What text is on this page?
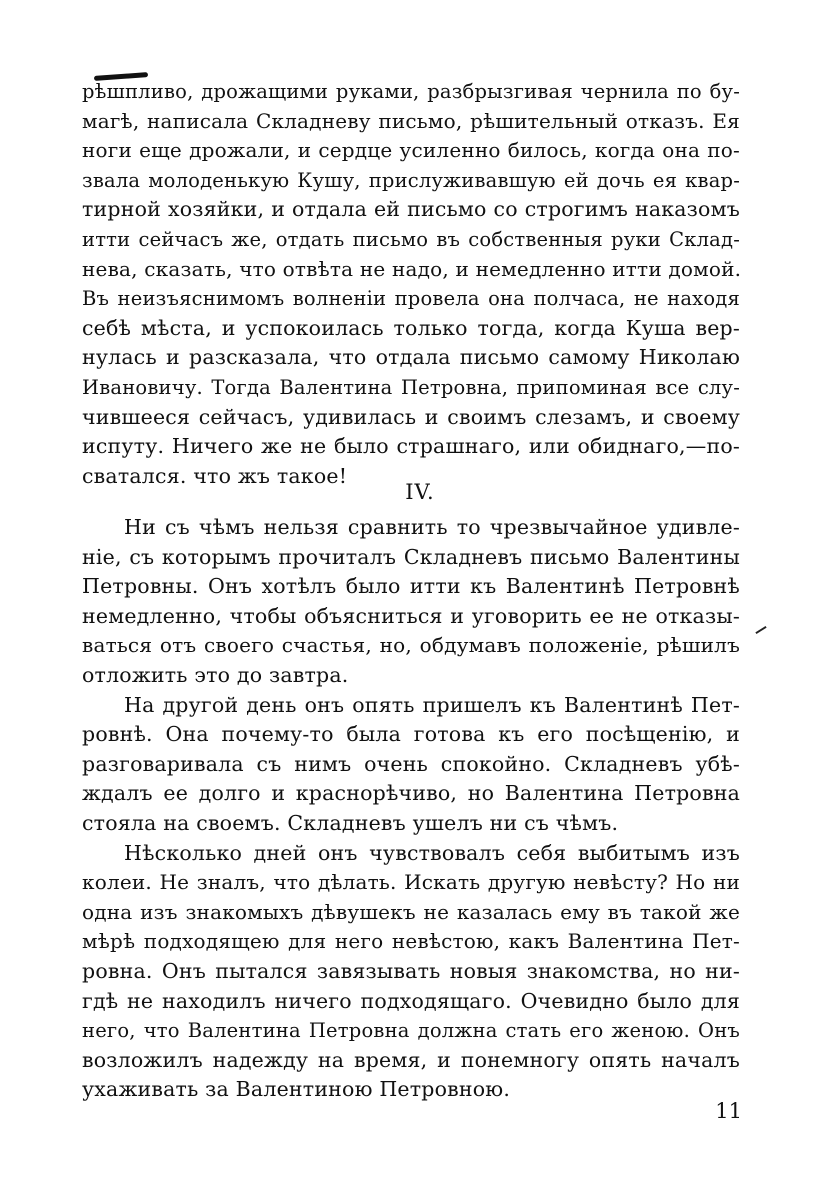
рѣшпливо, дрожащими руками, разбрызгивая чернила по бу-
магѣ, написала Складневу письмо, рѣшительный отказъ. Ея
ноги еще дрожали, и сердце усиленно билось, когда она по-
звала молоденькую Кушу, прислуживавшую ей дочь ея квар-
тирной хозяйки, и отдала ей письмо со строгимъ наказомъ
итти сейчасъ же, отдать письмо въ собственныя руки Склад-
нева, сказать, что отвѣта не надо, и немедленно итти домой.
Въ неизъяснимомъ волненіи провела она полчаса, не находя
себѣ мѣста, и успокоилась только тогда, когда Куша вер-
нулась и разсказала, что отдала письмо самому Николаю
Ивановичу. Тогда Валентина Петровна, припоминая все слу-
чившееся сейчасъ, удивилась и своимъ слезамъ, и своему
испуту. Ничего же не было страшнаго, или обиднаго,—по-
сватался. что жъ такое!
IV.
Ни съ чѣмъ нельзя сравнить то чрезвычайное удивле-
ніе, съ которымъ прочиталъ Складневъ письмо Валентины
Петровны. Онъ хотѣлъ было итти къ Валентинѣ Петровнѣ
немедленно, чтобы объясниться и уговорить ее не отказы-
ваться отъ своего счастья, но, обдумавъ положеніе, рѣшилъ
отложить это до завтра.
На другой день онъ опять пришелъ къ Валентинѣ Пет-
ровнѣ. Она почему-то была готова къ его посѣщенію, и
разговаривала съ нимъ очень спокойно. Складневъ убѣ-
ждалъ ее долго и краснорѣчиво, но Валентина Петровна
стояла на своемъ. Складневъ ушелъ ни съ чѣмъ.
Нѣсколько дней онъ чувствовалъ себя выбитымъ изъ
колеи. Не зналъ, что дѣлать. Искать другую невѣсту? Но ни
одна изъ знакомыхъ дѣвушекъ не казалась ему въ такой же
мѣрѣ подходящею для него невѣстою, какъ Валентина Пет-
ровна. Онъ пытался завязывать новыя знакомства, но ни-
гдѣ не находилъ ничего подходящаго. Очевидно было для
него, что Валентина Петровна должна стать его женою. Онъ
возложилъ надежду на время, и понемногу опять началъ
ухаживать за Валентиною Петровною.
11
